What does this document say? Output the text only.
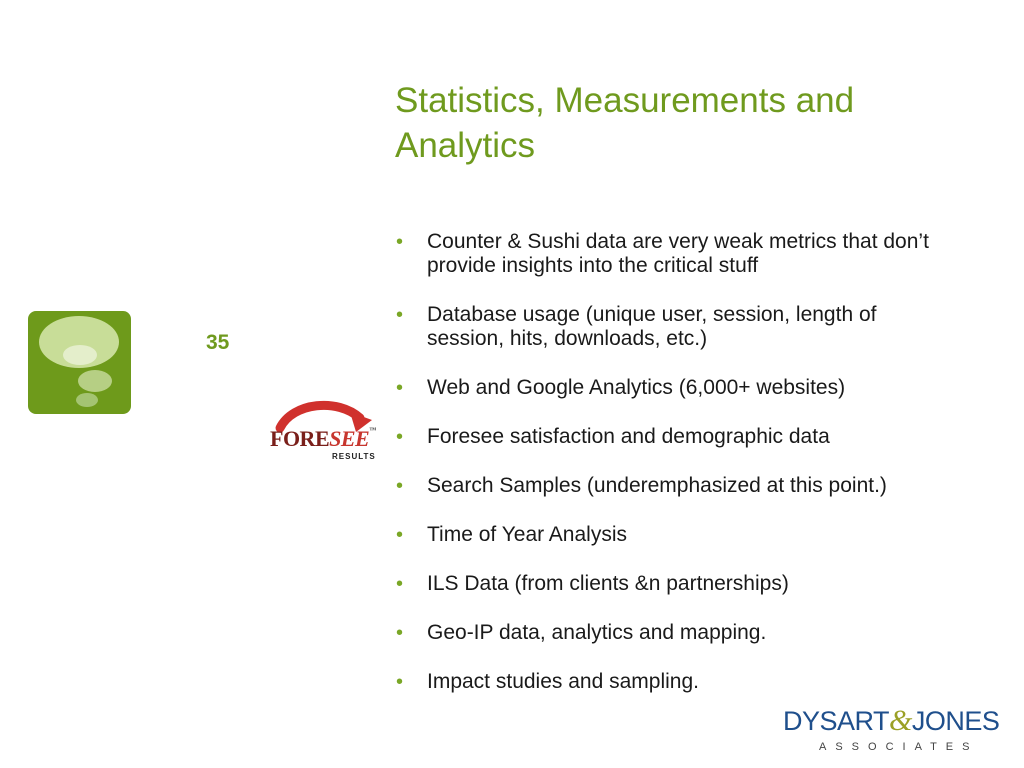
Statistics, Measurements and Analytics
35
FORESEE™
RESULTS
• Counter & Sushi data are very weak metrics that don’t provide insights into the critical stuff
• Database usage (unique user, session, length of session, hits, downloads, etc.)
• Web and Google Analytics (6,000+ websites)
• Foresee satisfaction and demographic data
• Search Samples (underemphasized at this point.)
• Time of Year Analysis
• ILS Data (from clients &n partnerships)
• Geo-IP data, analytics and mapping.
• Impact studies and sampling.
DYSART&JONES
ASSOCIATES
